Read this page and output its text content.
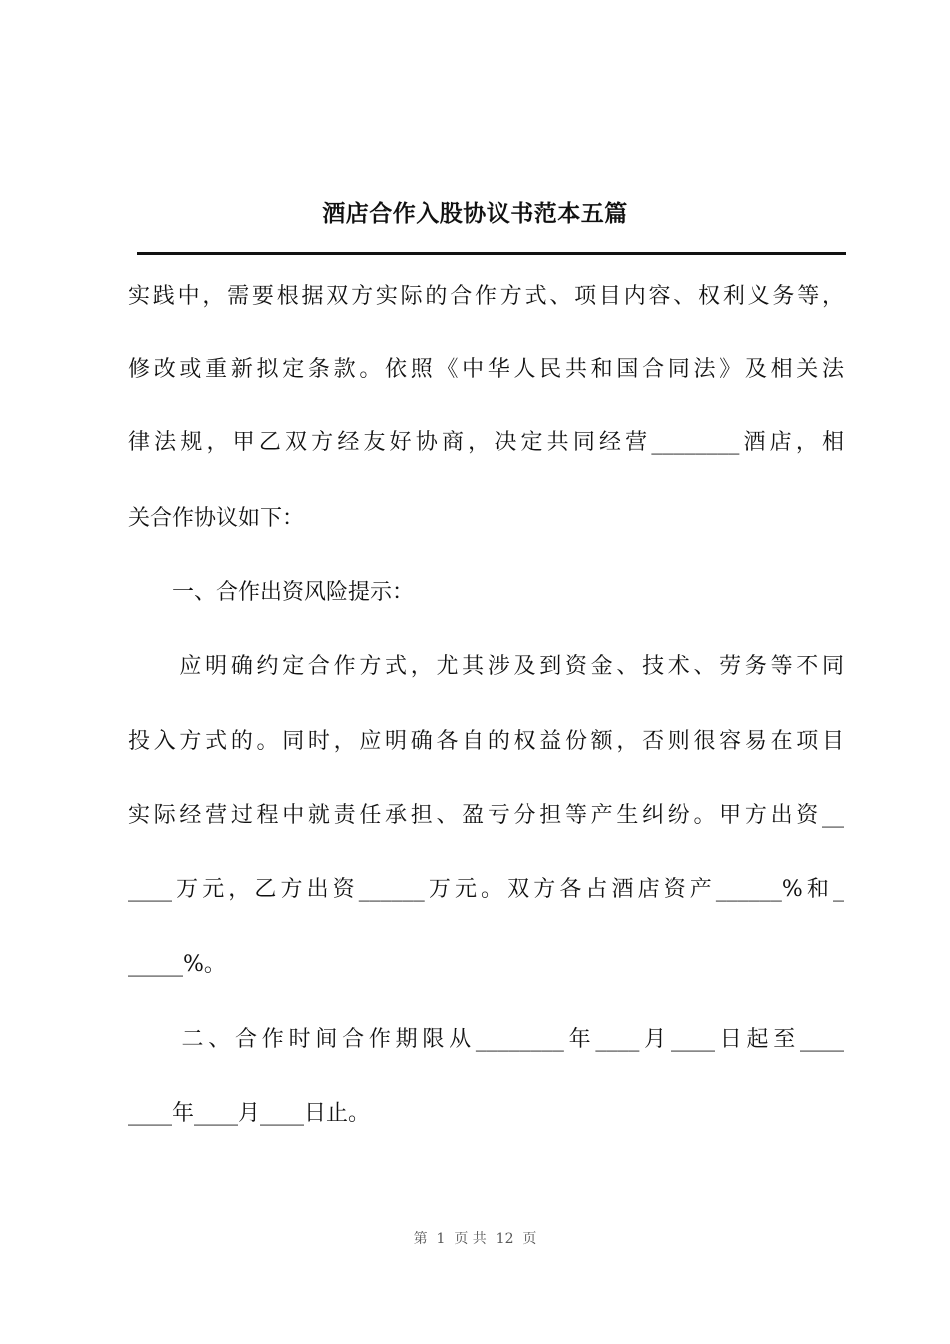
酒店合作入股协议书范本五篇

实践中，需要根据双方实际的合作方式、项目内容、权利义务等，

修改或重新拟定条款。依照《中华人民共和国合同法》及相关法

律法规，甲乙双方经友好协商，决定共同经营________酒店，相

关合作协议如下：

　　一、合作出资风险提示：

　　应明确约定合作方式，尤其涉及到资金、技术、劳务等不同

投入方式的。同时，应明确各自的权益份额，否则很容易在项目

实际经营过程中就责任承担、盈亏分担等产生纠纷。甲方出资__

____万元，乙方出资______万元。双方各占酒店资产______%和_

_____%。

　　二、合作时间合作期限从________年____月____日起至____

____年____月____日止。

第  1  页 共  12  页
